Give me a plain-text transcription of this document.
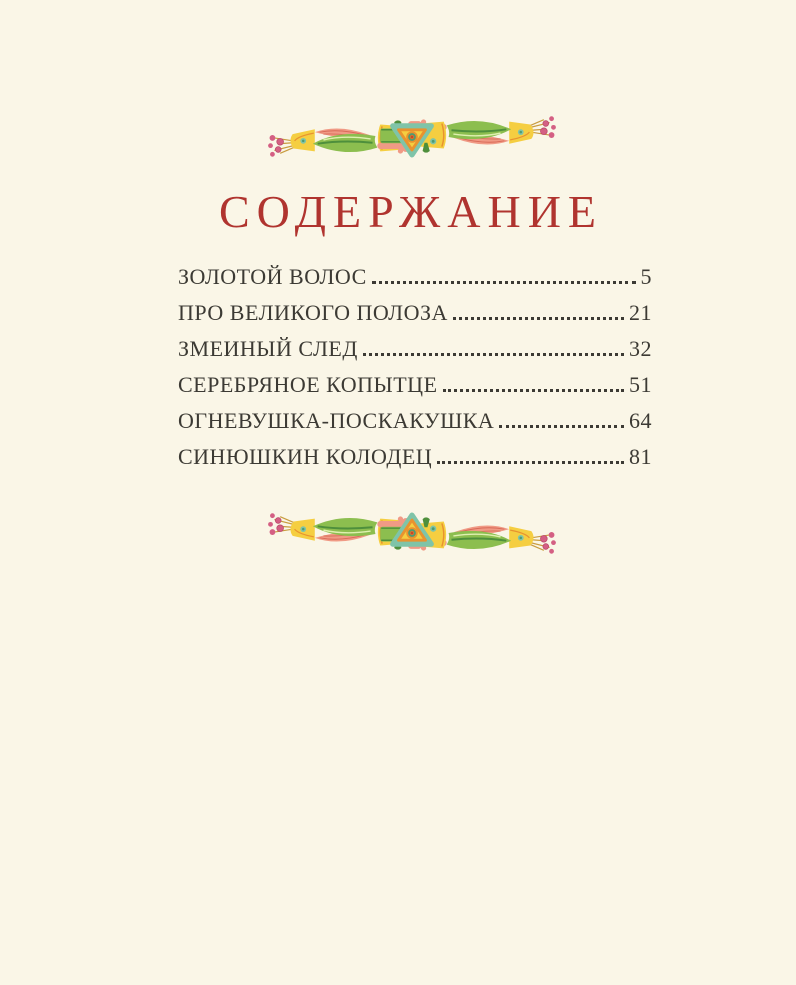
СОДЕРЖАНИЕ
ЗОЛОТОЙ ВОЛОС	5
ПРО ВЕЛИКОГО ПОЛОЗА	21
ЗМЕИНЫЙ СЛЕД	32
СЕРЕБРЯНОЕ КОПЫТЦЕ	51
ОГНЕВУШКА-ПОСКАКУШКА	64
СИНЮШКИН КОЛОДЕЦ	81
